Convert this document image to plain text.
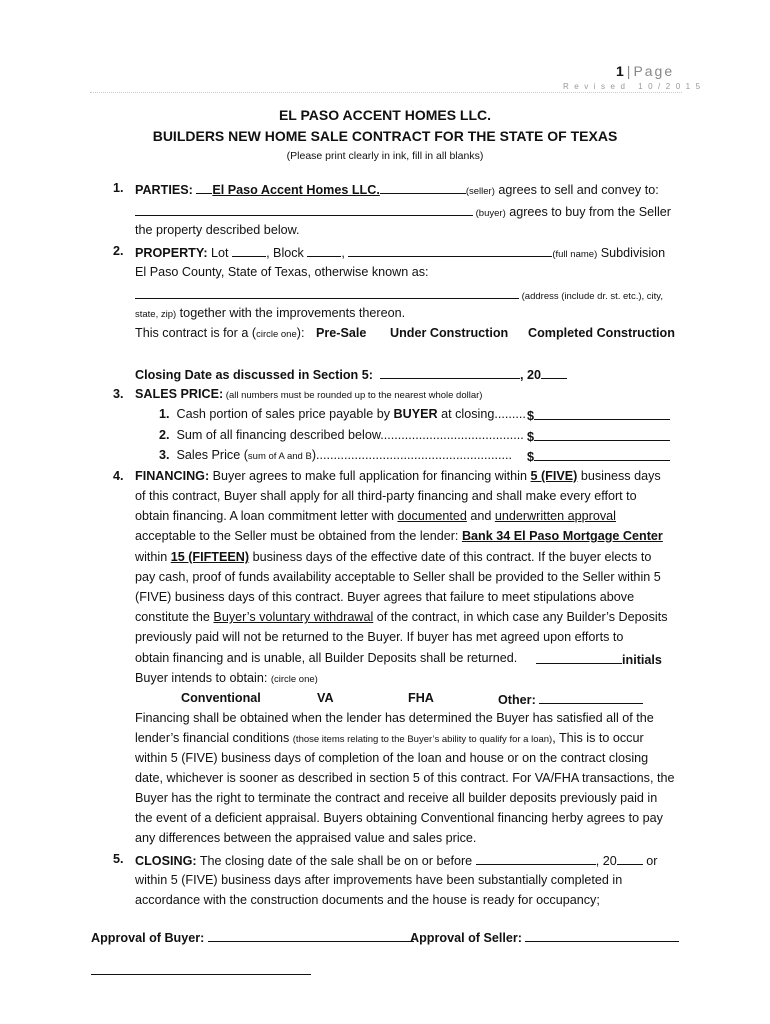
1 | Page
Revised 10/2015
EL PASO ACCENT HOMES LLC.
BUILDERS NEW HOME SALE CONTRACT FOR THE STATE OF TEXAS
(Please print clearly in ink, fill in all blanks)
1. PARTIES: El Paso Accent Homes LLC.	(seller) agrees to sell and convey to:
(buyer) agrees to buy from the Seller
the property described below.
2. PROPERTY: Lot	, Block	,	(full name) Subdivision
El Paso County, State of Texas, otherwise known as:
(address (include dr. st. etc.), city,
state, zip) together with the improvements thereon.
This contract is for a (circle one): Pre-Sale Under Construction Completed Construction
Closing Date as discussed in Section 5:	, 20
3. SALES PRICE: (all numbers must be rounded up to the nearest whole dollar)
1. Cash portion of sales price payable by BUYER at closing......... $
2. Sum of all financing described below......................................... $
3. Sales Price (sum of A and B)........................................................ $
4. FINANCING: Buyer agrees to make full application for financing within 5 (FIVE) business days
of this contract, Buyer shall apply for all third-party financing and shall make every effort to
obtain financing. A loan commitment letter with documented and underwritten approval
acceptable to the Seller must be obtained from the lender: Bank 34 El Paso Mortgage Center
within 15 (FIFTEEN) business days of the effective date of this contract. If the buyer elects to
pay cash, proof of funds availability acceptable to Seller shall be provided to the Seller within 5
(FIVE) business days of this contract. Buyer agrees that failure to meet stipulations above
constitute the Buyer’s voluntary withdrawal of the contract, in which case any Builder’s Deposits
previously paid will not be returned to the Buyer. If buyer has met agreed upon efforts to
obtain financing and is unable, all Builder Deposits shall be returned.	initials
Buyer intends to obtain: (circle one)
Conventional	VA	FHA	Other:
Financing shall be obtained when the lender has determined the Buyer has satisfied all of the
lender’s financial conditions (those items relating to the Buyer’s ability to qualify for a loan), This is to occur
within 5 (FIVE) business days of completion of the loan and house or on the contract closing
date, whichever is sooner as described in section 5 of this contract. For VA/FHA transactions, the
Buyer has the right to terminate the contract and receive all builder deposits previously paid in
the event of a deficient appraisal. Buyers obtaining Conventional financing herby agrees to pay
any differences between the appraised value and sales price.
5. CLOSING: The closing date of the sale shall be on or before	, 20 or
within 5 (FIVE) business days after improvements have been substantially completed in
accordance with the construction documents and the house is ready for occupancy;
Approval of Buyer:	Approval of Seller:
